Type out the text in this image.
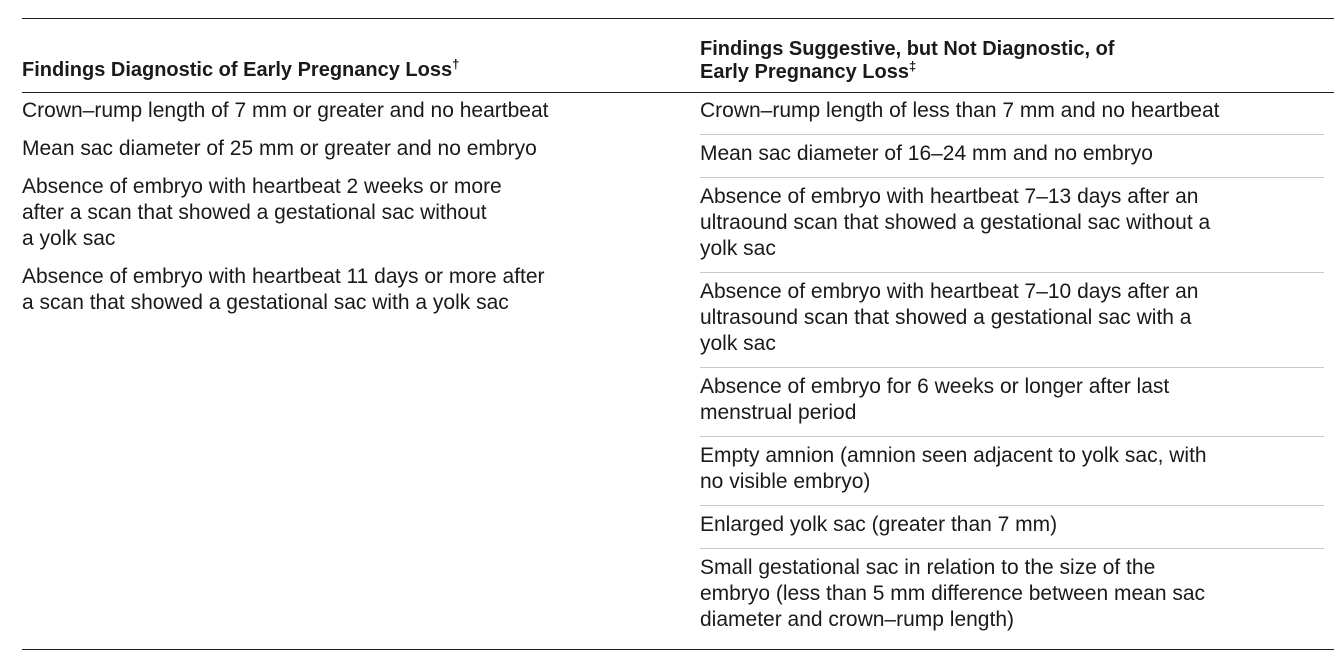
Findings Diagnostic of Early Pregnancy Loss†

Findings Suggestive, but Not Diagnostic, of
Early Pregnancy Loss‡

Crown–rump length of 7 mm or greater and no heartbeat
Mean sac diameter of 25 mm or greater and no embryo
Absence of embryo with heartbeat 2 weeks or more
after a scan that showed a gestational sac without
a yolk sac
Absence of embryo with heartbeat 11 days or more after
a scan that showed a gestational sac with a yolk sac
Crown–rump length of less than 7 mm and no heartbeat
Mean sac diameter of 16–24 mm and no embryo
Absence of embryo with heartbeat 7–13 days after an
ultraound scan that showed a gestational sac without a
yolk sac
Absence of embryo with heartbeat 7–10 days after an
ultrasound scan that showed a gestational sac with a
yolk sac
Absence of embryo for 6 weeks or longer after last
menstrual period
Empty amnion (amnion seen adjacent to yolk sac, with
no visible embryo)
Enlarged yolk sac (greater than 7 mm)
Small gestational sac in relation to the size of the
embryo (less than 5 mm difference between mean sac
diameter and crown–rump length)
